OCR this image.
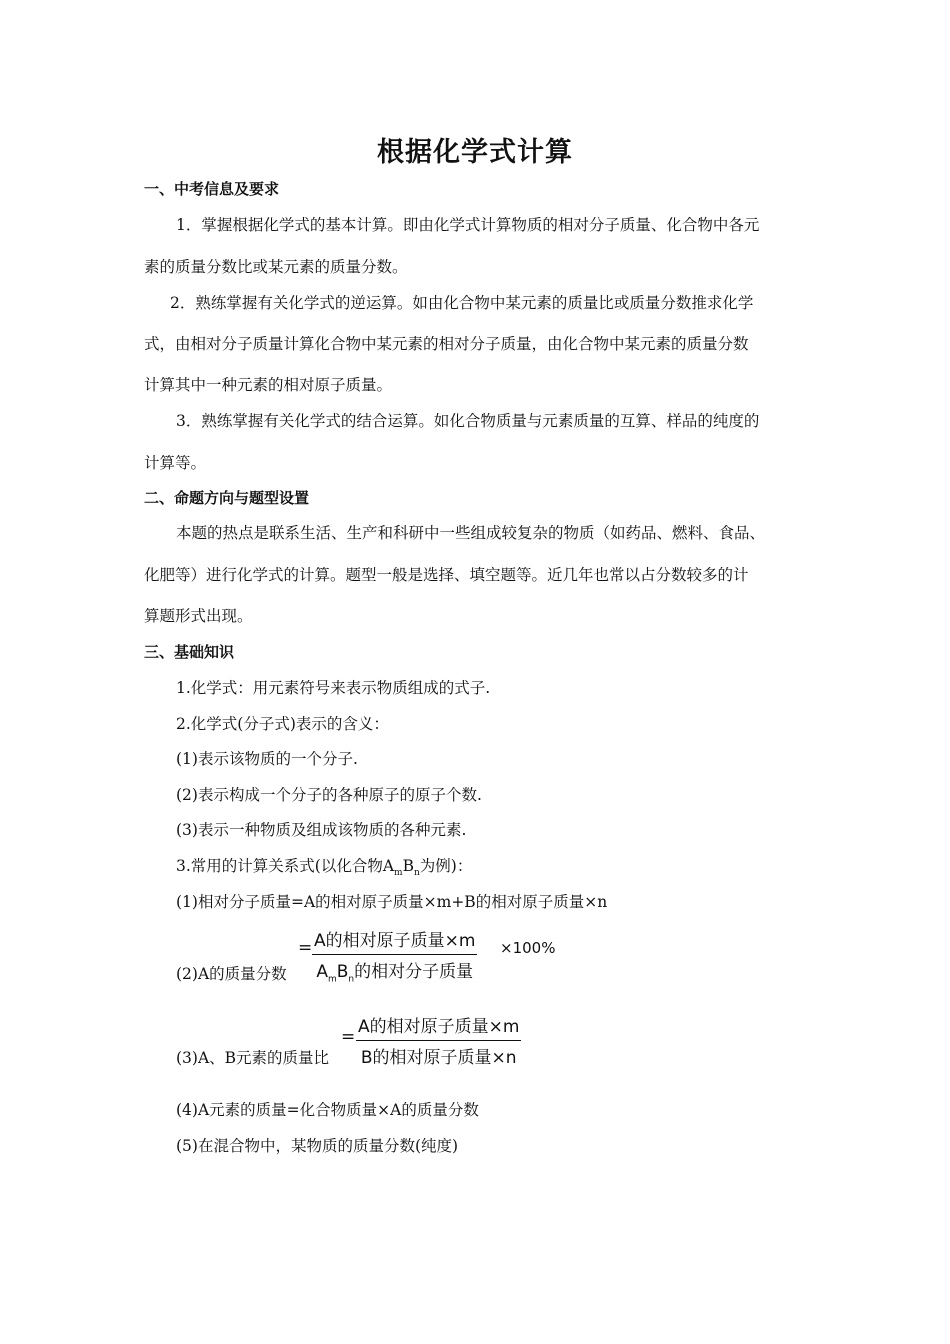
根据化学式计算
一、中考信息及要求
1．掌握根据化学式的基本计算。即由化学式计算物质的相对分子质量、化合物中各元
素的质量分数比或某元素的质量分数。
2．熟练掌握有关化学式的逆运算。如由化合物中某元素的质量比或质量分数推求化学
式，由相对分子质量计算化合物中某元素的相对分子质量，由化合物中某元素的质量分数
计算其中一种元素的相对原子质量。
3．熟练掌握有关化学式的结合运算。如化合物质量与元素质量的互算、样品的纯度的
计算等。
二、命题方向与题型设置
本题的热点是联系生活、生产和科研中一些组成较复杂的物质（如药品、燃料、食品、
化肥等）进行化学式的计算。题型一般是选择、填空题等。近几年也常以占分数较多的计
算题形式出现。
三、基础知识
1.化学式：用元素符号来表示物质组成的式子.
2.化学式(分子式)表示的含义：
(1)表示该物质的一个分子.
(2)表示构成一个分子的各种原子的原子个数.
(3)表示一种物质及组成该物质的各种元素.
3.常用的计算关系式(以化合物$A_mB_n$为例)：
(1)相对分子质量=A的相对原子质量×m+B的相对原子质量×n
(2)A的质量分数
= A的相对原子质量×m
$A_mB_n$的相对分子质量
×100%
(3)A、B元素的质量比
= A的相对原子质量×m
B的相对原子质量×n
(4)A元素的质量=化合物质量×A的质量分数
(5)在混合物中，某物质的质量分数(纯度)
